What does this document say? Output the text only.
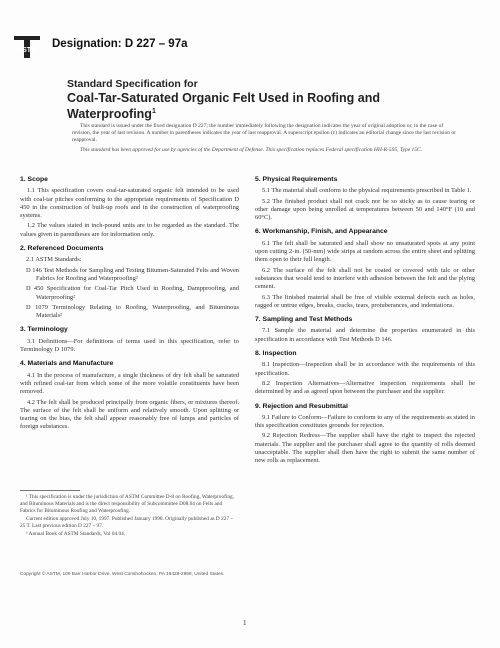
ASTM
Designation: D 227 – 97a
Standard Specification for
Coal-Tar-Saturated Organic Felt Used in Roofing and
Waterproofing$^1$

This standard is issued under the fixed designation D 227; the number immediately following the designation indicates the year of original adoption or, in the case of revision, the year of last revision. A number in parentheses indicates the year of last reapproval. A superscript epsilon (ε) indicates an editorial change since the last revision or reapproval.

This standard has been approved for use by agencies of the Department of Defense. This specification replaces Federal specification HH-R-595, Type 15C.

1. Scope

1.1 This specification covers coal-tar-saturated organic felt intended to be used with coal-tar pitches conforming to the appropriate requirements of Specification D 450 in the construction of built-up roofs and in the construction of waterproofing systems.

1.2 The values stated in inch-pound units are to be regarded as the standard. The values given in parentheses are for information only.

2. Referenced Documents

2.1 ASTM Standards:

D 146 Test Methods for Sampling and Testing Bitumen-Saturated Felts and Woven Fabrics for Roofing and Waterproofing²

D 450 Specification for Coal-Tar Pitch Used in Roofing, Dampproofing, and Waterproofing²

D 1079 Terminology Relating to Roofing, Waterproofing, and Bituminous Materials²

3. Terminology

3.1 Definitions—For definitions of terms used in this specification, refer to Terminology D 1079.

4. Materials and Manufacture

4.1 In the process of manufacture, a single thickness of dry felt shall be saturated with refined coal-tar from which some of the more volatile constituents have been removed.

4.2 The felt shall be produced principally from organic fibers, or mixtures thereof. The surface of the felt shall be uniform and relatively smooth. Upon splitting or tearing on the bias, the felt shall appear reasonably free of lumps and particles of foreign substances.

5. Physical Requirements

5.1 The material shall conform to the physical requirements prescribed in Table 1.

5.2 The finished product shall not crack nor be so sticky as to cause tearing or other damage upon being unrolled at temperatures between 50 and 140°F (10 and 60°C).

6. Workmanship, Finish, and Appearance

6.1 The felt shall be saturated and shall show no unsaturated spots at any point upon cutting 2-in. (50-mm) wide strips at random across the entire sheet and splitting them open to their full length.

6.2 The surface of the felt shall not be coated or covered with talc or other substances that would tend to interfere with adhesion between the felt and the plying cement.

6.3 The finished material shall be free of visible external defects such as holes, ragged or untrue edges, breaks, cracks, tears, protuberances, and indentations.

7. Sampling and Test Methods

7.1 Sample the material and determine the properties enumerated in this specification in accordance with Test Methods D 146.

8. Inspection

8.1 Inspection—Inspection shall be in accordance with the requirements of this specification.

8.2 Inspection Alternatives—Alternative inspection requirements shall be determined by and as agreed upon between the purchaser and the supplier.

9. Rejection and Resubmittal

9.1 Failure to Conform—Failure to conform to any of the requirements as stated in this specification constitutes grounds for rejection.

9.2 Rejection Redress—The supplier shall have the right to inspect the rejected materials. The supplier and the purchaser shall agree to the quantity of rolls deemed unacceptable. The supplier shall then have the right to submit the same number of new rolls as replacement.

¹ This specification is under the jurisdiction of ASTM Committee D-8 on Roofing, Waterproofing, and Bituminous Materials and is the direct responsibility of Subcommittee D08.04 on Felts and Fabrics for Bituminous Roofing and Waterproofing.

Current edition approved July 10, 1997. Published January 1998. Originally published as D 227 – 25 T. Last previous edition D 227 – 97.

² Annual Book of ASTM Standards, Vol 04.04.

Copyright © ASTM, 100 Barr Harbor Drive, West Conshohocken, PA 19428-2959, United States.
1
